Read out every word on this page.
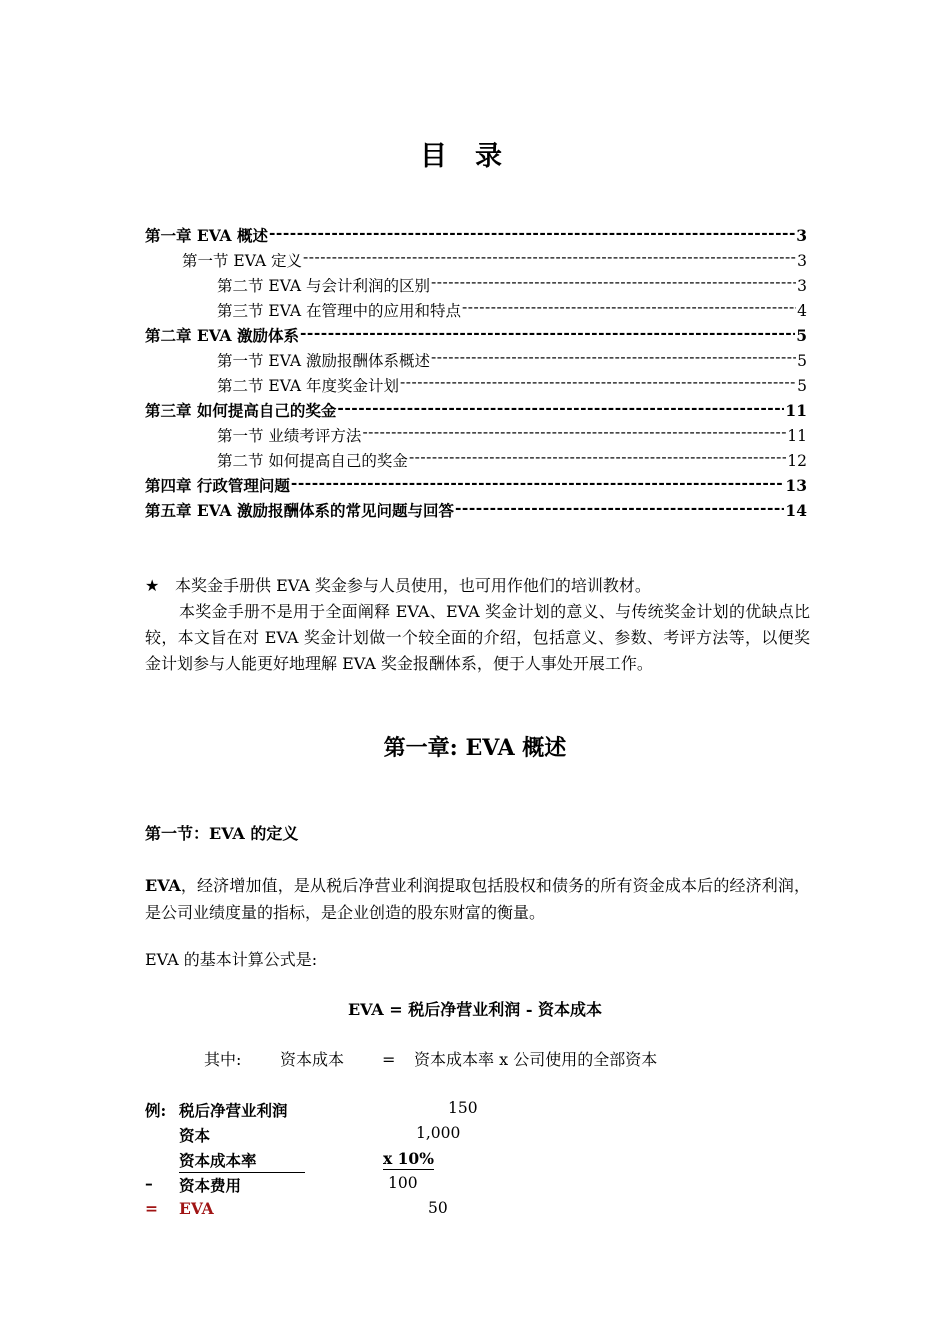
目录
第一章 EVA 概述 -----	3
第一节 EVA 定义 -----	3
第二节 EVA 与会计利润的区别 -----	3
第三节 EVA 在管理中的应用和特点 -----	4
第二章 EVA 激励体系 -----	5
第一节 EVA 激励报酬体系概述 -----	5
第二节 EVA 年度奖金计划 -----	5
第三章 如何提高自己的奖金 -----	11
第一节 业绩考评方法 -----	11
第二节 如何提高自己的奖金 -----	12
第四章 行政管理问题 -----	13
第五章 EVA 激励报酬体系的常见问题与回答 -----	14

★ 本奖金手册供 EVA 奖金参与人员使用，也可用作他们的培训教材。

本奖金手册不是用于全面阐释 EVA、EVA 奖金计划的意义、与传统奖金计划的优缺点比较，本文旨在对 EVA 奖金计划做一个较全面的介绍，包括意义、参数、考评方法等，以便奖金计划参与人能更好地理解 EVA 奖金报酬体系，便于人事处开展工作。

第一章: EVA 概述
第一节：EVA 的定义
EVA，经济增加值，是从税后净营业利润提取包括股权和债务的所有资金成本后的经济利润，是公司业绩度量的指标，是企业创造的股东财富的衡量。
EVA 的基本计算公式是:
EVA = 税后净营业利润 - 资本成本
其中: 资本成本 = 资本成本率 x 公司使用的全部资本
例: 税后净营业利润	150
资本	1,000
资本成本率	x 10%
– 资本费用	100
= EVA	50
